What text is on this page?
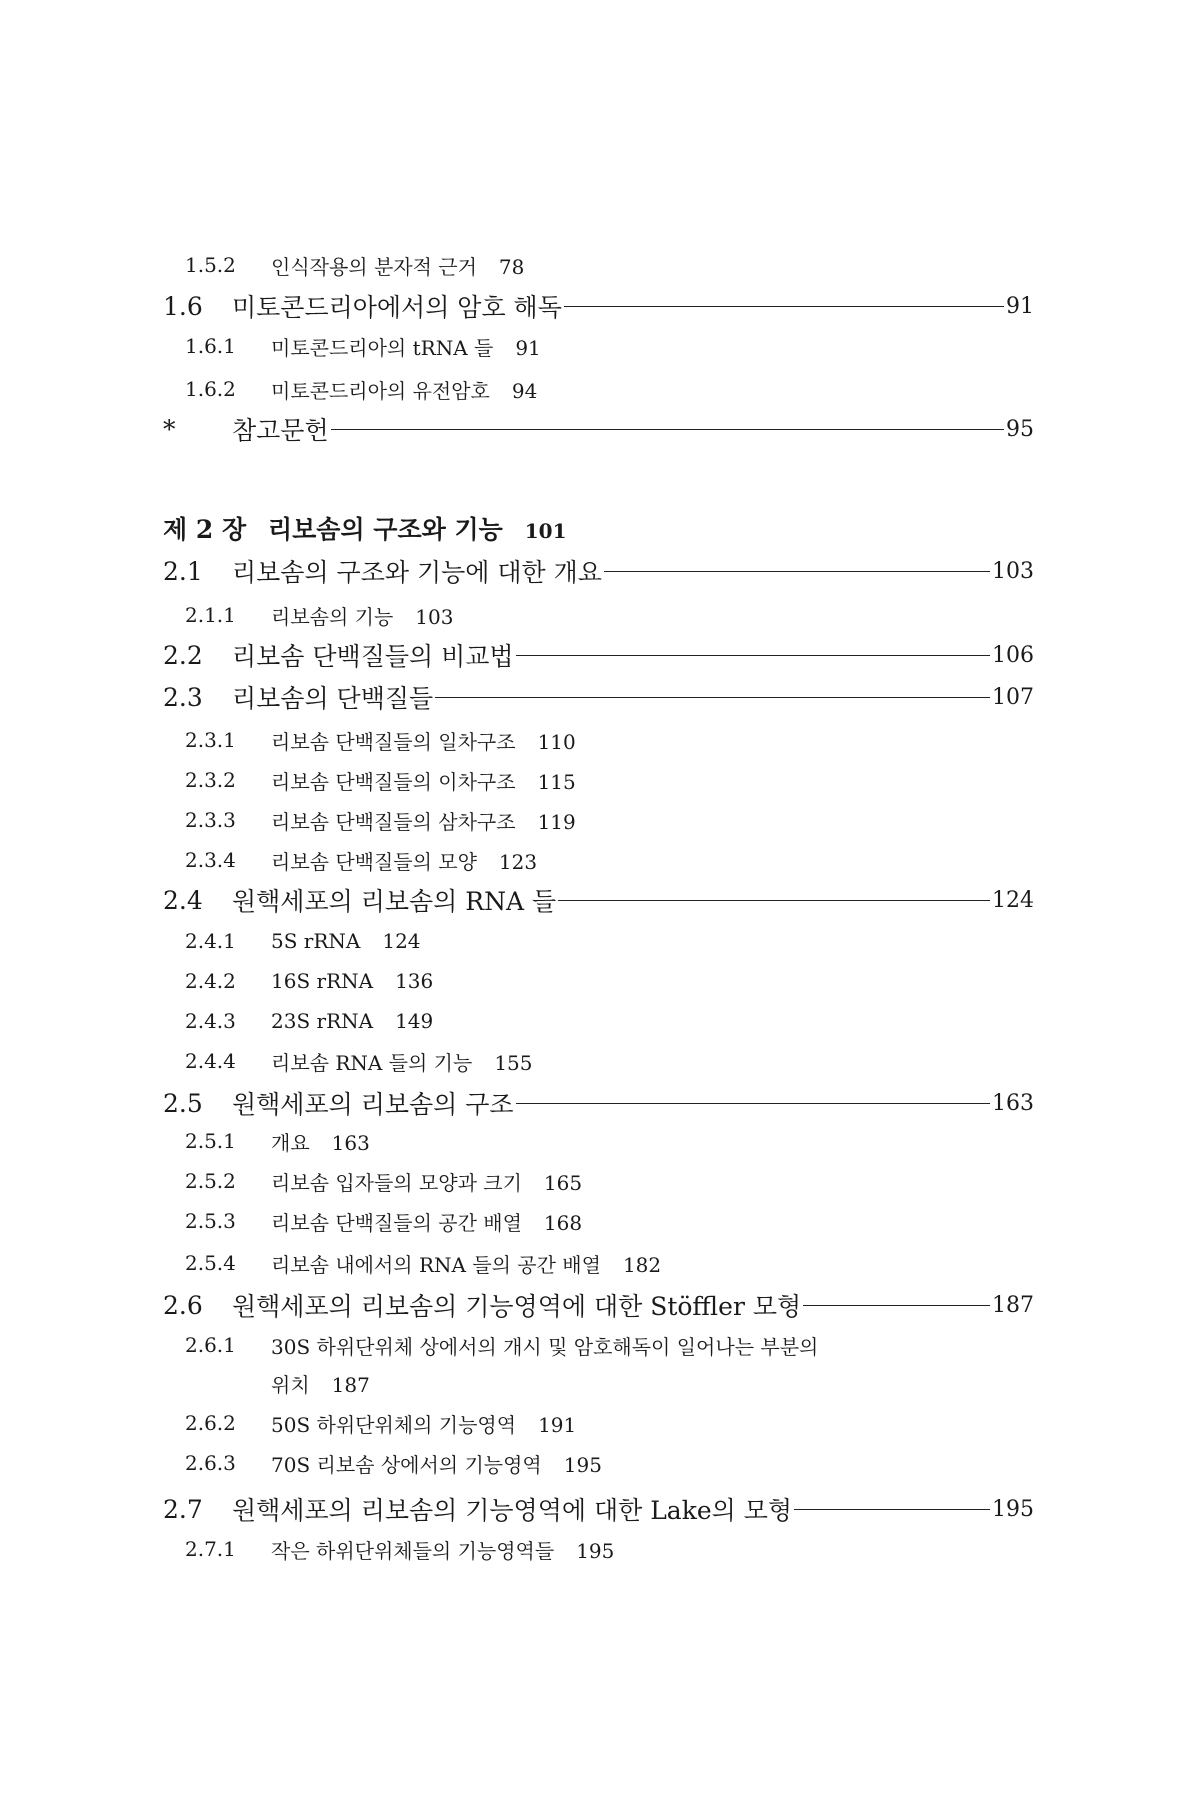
1.5.2 인식작용의 분자적 근거 78
1.6 미토콘드리아에서의 암호 해독	91
1.6.1 미토콘드리아의 tRNA 들 91
1.6.2 미토콘드리아의 유전암호 94
* 참고문헌	95
제 2 장 리보솜의 구조와 기능 101
2.1 리보솜의 구조와 기능에 대한 개요	103
2.1.1 리보솜의 기능 103
2.2 리보솜 단백질들의 비교법	106
2.3 리보솜의 단백질들	107
2.3.1 리보솜 단백질들의 일차구조 110
2.3.2 리보솜 단백질들의 이차구조 115
2.3.3 리보솜 단백질들의 삼차구조 119
2.3.4 리보솜 단백질들의 모양 123
2.4 원핵세포의 리보솜의 RNA 들	124
2.4.1 5S rRNA 124
2.4.2 16S rRNA 136
2.4.3 23S rRNA 149
2.4.4 리보솜 RNA 들의 기능 155
2.5 원핵세포의 리보솜의 구조	163
2.5.1 개요 163
2.5.2 리보솜 입자들의 모양과 크기 165
2.5.3 리보솜 단백질들의 공간 배열 168
2.5.4 리보솜 내에서의 RNA 들의 공간 배열 182
2.6 원핵세포의 리보솜의 기능영역에 대한 Stöffler 모형	187
2.6.1 30S 하위단위체 상에서의 개시 및 암호해독이 일어나는 부분의
위치 187
2.6.2 50S 하위단위체의 기능영역 191
2.6.3 70S 리보솜 상에서의 기능영역 195
2.7 원핵세포의 리보솜의 기능영역에 대한 Lake의 모형	195
2.7.1 작은 하위단위체들의 기능영역들 195
